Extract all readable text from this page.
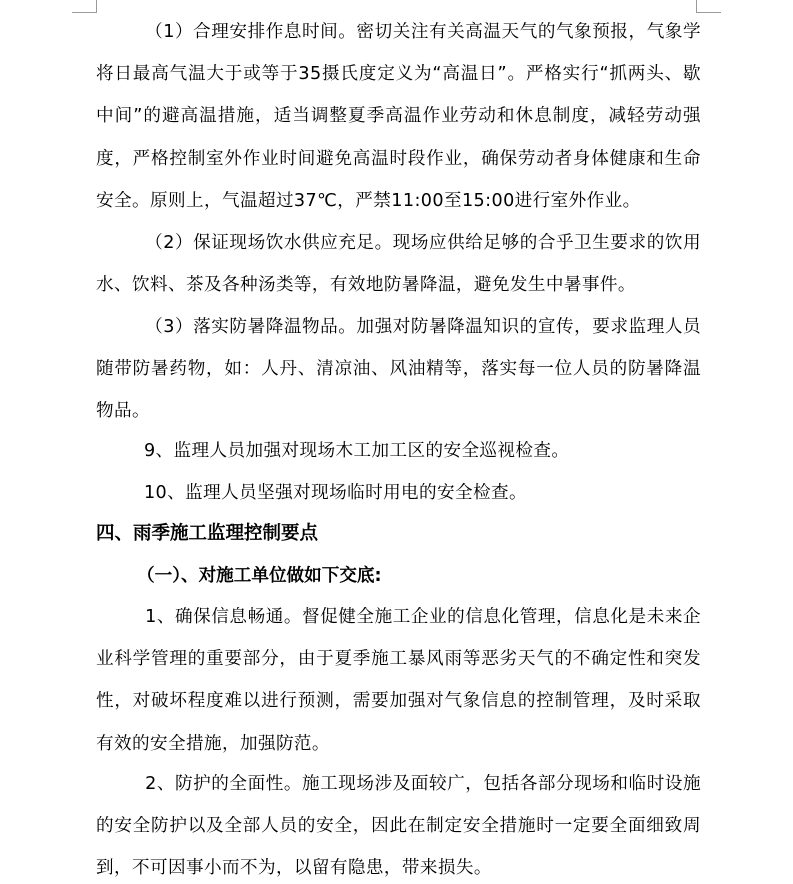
（1）合理安排作息时间。密切关注有关高温天气的气象预报，气象学将日最高气温大于或等于35摄氏度定义为“高温日”。严格实行“抓两头、歇中间”的避高温措施，适当调整夏季高温作业劳动和休息制度，减轻劳动强度，严格控制室外作业时间避免高温时段作业，确保劳动者身体健康和生命安全。原则上，气温超过37℃，严禁11:00至15:00进行室外作业。

（2）保证现场饮水供应充足。现场应供给足够的合乎卫生要求的饮用水、饮料、茶及各种汤类等，有效地防暑降温，避免发生中暑事件。

（3）落实防暑降温物品。加强对防暑降温知识的宣传，要求监理人员随带防暑药物，如：人丹、清凉油、风油精等，落实每一位人员的防暑降温物品。

9、监理人员加强对现场木工加工区的安全巡视检查。

10、监理人员坚强对现场临时用电的安全检查。

四、雨季施工监理控制要点
（一）、对施工单位做如下交底:

1、确保信息畅通。督促健全施工企业的信息化管理，信息化是未来企业科学管理的重要部分，由于夏季施工暴风雨等恶劣天气的不确定性和突发性，对破坏程度难以进行预测，需要加强对气象信息的控制管理，及时采取有效的安全措施，加强防范。

2、防护的全面性。施工现场涉及面较广，包括各部分现场和临时设施的安全防护以及全部人员的安全，因此在制定安全措施时一定要全面细致周到，不可因事小而不为，以留有隐患，带来损失。
